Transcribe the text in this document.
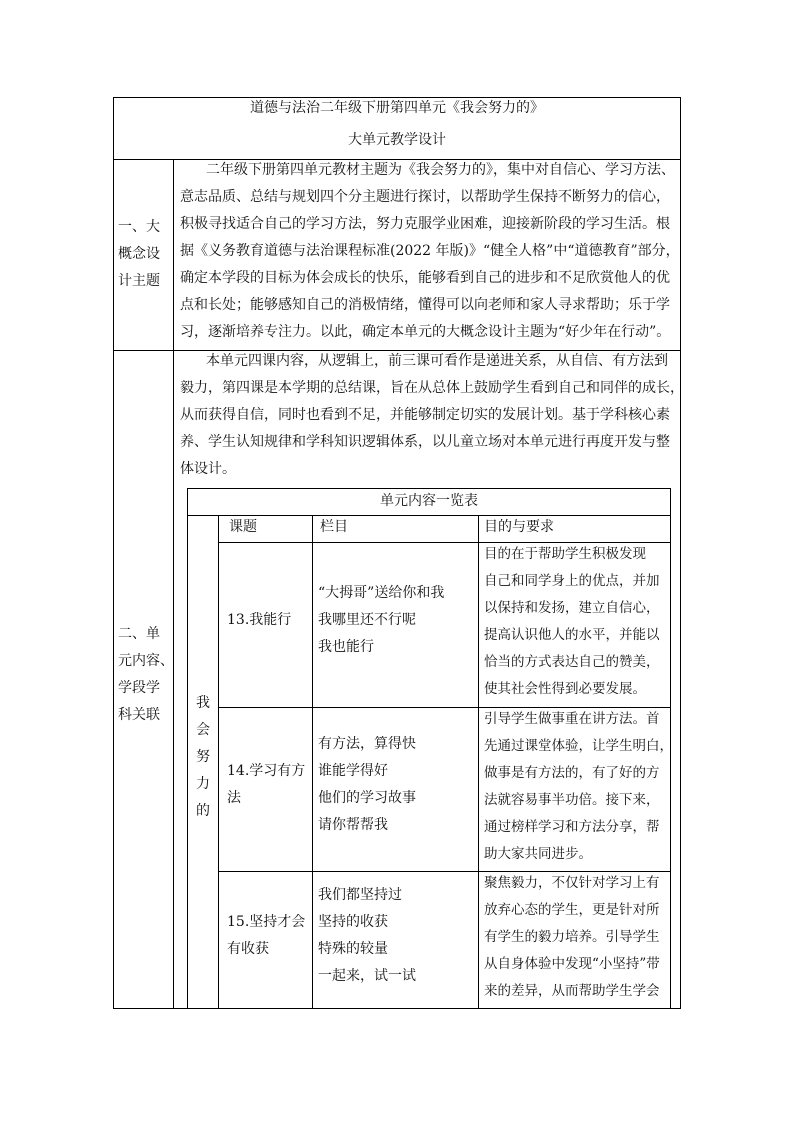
道德与法治二年级下册第四单元《我会努力的》
大单元教学设计
一、大
概念设
计主题
二年级下册第四单元教材主题为《我会努力的》，集中对自信心、学习方法、
意志品质、总结与规划四个分主题进行探讨，以帮助学生保持不断努力的信心，
积极寻找适合自己的学习方法，努力克服学业困难，迎接新阶段的学习生活。根
据《义务教育道德与法治课程标准(2022 年版)》“健全人格”中“道德教育”部分，
确定本学段的目标为体会成长的快乐，能够看到自己的进步和不足欣赏他人的优
点和长处；能够感知自己的消极情绪，懂得可以向老师和家人寻求帮助；乐于学
习，逐渐培养专注力。以此，确定本单元的大概念设计主题为“好少年在行动”。
二、单
元内容、
学段学
科关联
本单元四课内容，从逻辑上，前三课可看作是递进关系，从自信、有方法到
毅力，第四课是本学期的总结课，旨在从总体上鼓励学生看到自己和同伴的成长，
从而获得自信，同时也看到不足，并能够制定切实的发展计划。基于学科核心素
养、学生认知规律和学科知识逻辑体系，以儿童立场对本单元进行再度开发与整
体设计。
单元内容一览表
我
会
努
力
的
课题	栏目	目的与要求
13.我能行
“大拇哥”送给你和我
我哪里还不行呢
我也能行
目的在于帮助学生积极发现
自己和同学身上的优点，并加
以保持和发扬，建立自信心，
提高认识他人的水平，并能以
恰当的方式表达自己的赞美，
使其社会性得到必要发展。
14.学习有方
法
有方法，算得快
谁能学得好
他们的学习故事
请你帮帮我
引导学生做事重在讲方法。首
先通过课堂体验，让学生明白，
做事是有方法的，有了好的方
法就容易事半功倍。接下来，
通过榜样学习和方法分享，帮
助大家共同进步。
15.坚持才会
有收获
我们都坚持过
坚持的收获
特殊的较量
一起来，试一试
聚焦毅力，不仅针对学习上有
放弃心态的学生，更是针对所
有学生的毅力培养。引导学生
从自身体验中发现“小坚持”带
来的差异，从而帮助学生学会
